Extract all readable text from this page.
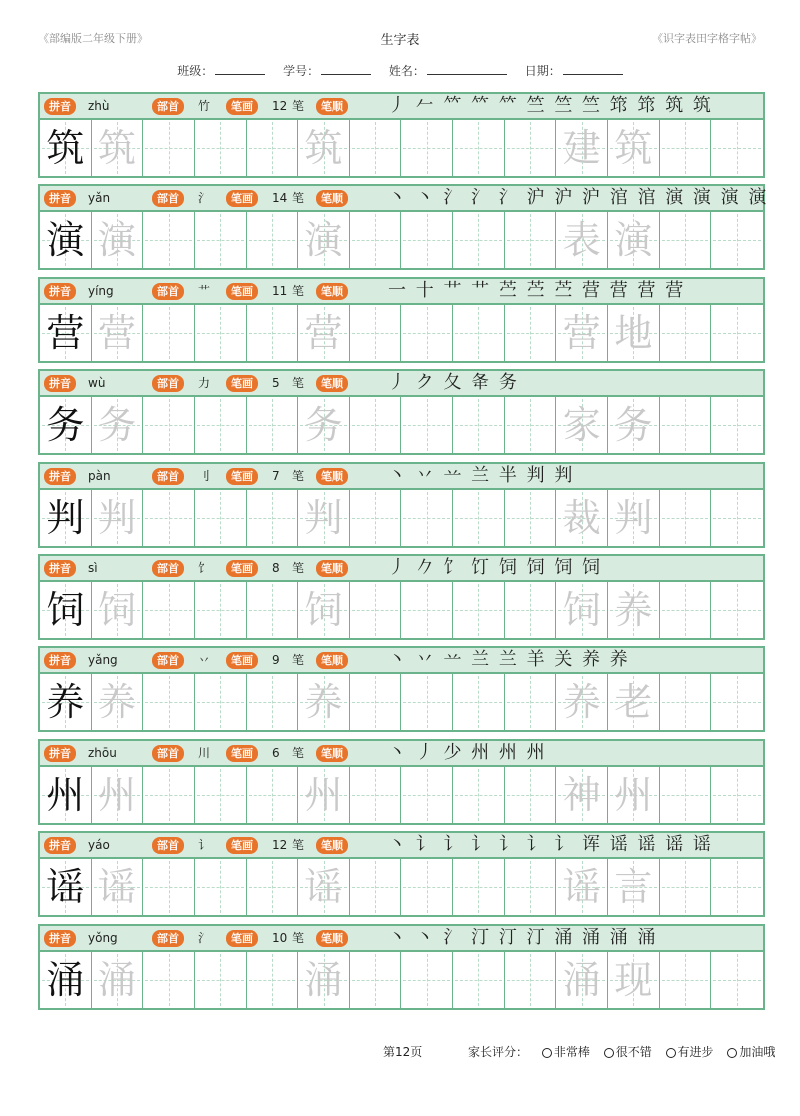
《部编版二年级下册》	生字表	《识字表田字格字帖》
班级：	学号：	姓名：	日期：
拼音	zhù	部首	竹	笔画	12 笔	笔顺	丿 𠂉 𥫗 𥫗 𥫗 竺 竺 竺 筇 筇 筑 筑
筑 筑	筑	建 筑
拼音	yǎn	部首	氵	笔画	14 笔	笔顺	丶 丶 氵 氵 氵 沪 沪 沪 涫 涫 演 演 演 演
演 演	演	表 演
拼音	yíng	部首	艹	笔画	11 笔	笔顺	一 十 艹 艹 苎 苎 苎 营 营 营 营
营 营	营	营 地
拼音	wù	部首	力	笔画	5 笔	笔顺	丿 ク 夂 夅 务
务 务	务	家 务
拼音	pàn	部首	刂	笔画	7 笔	笔顺	丶 丷 䒑 兰 半 判 判
判 判	判	裁 判
拼音	sì	部首	饣	笔画	8 笔	笔顺	丿 𠂊 饣 饤 饲 饲 饲 饲
饲 饲	饲	饲 养
拼音	yǎng	部首	丷	笔画	9 笔	笔顺	丶 丷 䒑 兰 兰 羊 关 养 养
养 养	养	养 老
拼音	zhōu	部首	川	笔画	6 笔	笔顺	丶 丿 少 州 州 州
州 州	州	神 州
拼音	yáo	部首	讠	笔画	12 笔	笔顺	丶 讠 讠 讠 讠 讠 讠 诨 谣 谣 谣 谣
谣 谣	谣	谣 言
拼音	yǒng	部首	氵	笔画	10 笔	笔顺	丶 丶 氵 汀 汀 汀 涌 涌 涌 涌
涌 涌	涌	涌 现
第12页	家长评分： 非常棒 很不错 有进步 加油哦
